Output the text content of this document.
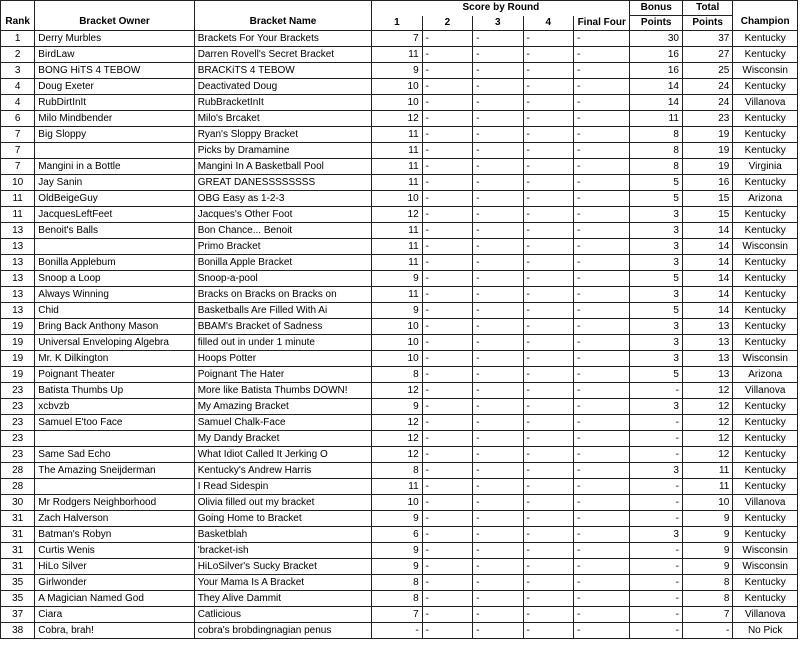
Rank	Bracket Owner	Bracket Name	Score by Round					Bonus	Total	Champion
			1	2	3	4	Final Four	Points	Points	
1	Derry Murbles	Brackets For Your Brackets	7	-	-	-	-	30	37	Kentucky
2	BirdLaw	Darren Rovell's Secret Bracket	11	-	-	-	-	16	27	Kentucky
3	BONG HiTS 4 TEBOW	BRACKiTS 4 TEBOW	9	-	-	-	-	16	25	Wisconsin
4	Doug Exeter	Deactivated Doug	10	-	-	-	-	14	24	Kentucky
4	RubDirtInIt	RubBracketInIt	10	-	-	-	-	14	24	Villanova
6	Milo Mindbender	Milo's Brcaket	12	-	-	-	-	11	23	Kentucky
7	Big Sloppy	Ryan's Sloppy Bracket	11	-	-	-	-	8	19	Kentucky
7		Picks by Dramamine	11	-	-	-	-	8	19	Kentucky
7	Mangini in a Bottle	Mangini In A Basketball Pool	11	-	-	-	-	8	19	Virginia
10	Jay Sanin	GREAT DANESSSSSSSS	11	-	-	-	-	5	16	Kentucky
11	OldBeigeGuy	OBG Easy as 1-2-3	10	-	-	-	-	5	15	Arizona
11	JacquesLeftFeet	Jacques's Other Foot	12	-	-	-	-	3	15	Kentucky
13	Benoit's Balls	Bon Chance... Benoit	11	-	-	-	-	3	14	Kentucky
13		Primo Bracket	11	-	-	-	-	3	14	Wisconsin
13	Bonilla Applebum	Bonilla Apple Bracket	11	-	-	-	-	3	14	Kentucky
13	Snoop a Loop	Snoop-a-pool	9	-	-	-	-	5	14	Kentucky
13	Always Winning	Bracks on Bracks on Bracks on	11	-	-	-	-	3	14	Kentucky
13	Chid	Basketballs Are Filled With Ai	9	-	-	-	-	5	14	Kentucky
19	Bring Back Anthony Mason	BBAM's Bracket of Sadness	10	-	-	-	-	3	13	Kentucky
19	Universal Enveloping Algebra	filled out in under 1 minute	10	-	-	-	-	3	13	Kentucky
19	Mr. K Dilkington	Hoops Potter	10	-	-	-	-	3	13	Wisconsin
19	Poignant Theater	Poignant The Hater	8	-	-	-	-	5	13	Arizona
23	Batista Thumbs Up	More like Batista Thumbs DOWN!	12	-	-	-	-	-	12	Villanova
23	xcbvzb	My Amazing Bracket	9	-	-	-	-	3	12	Kentucky
23	Samuel E'too Face	Samuel Chalk-Face	12	-	-	-	-	-	12	Kentucky
23		My Dandy Bracket	12	-	-	-	-	-	12	Kentucky
23	Same Sad Echo	What Idiot Called It Jerking O	12	-	-	-	-	-	12	Kentucky
28	The Amazing Sneijderman	Kentucky's Andrew Harris	8	-	-	-	-	3	11	Kentucky
28		I Read Sidespin	11	-	-	-	-	-	11	Kentucky
30	Mr Rodgers Neighborhood	Olivia filled out my bracket	10	-	-	-	-	-	10	Villanova
31	Zach Halverson	Going Home to Bracket	9	-	-	-	-	-	9	Kentucky
31	Batman's Robyn	Basketblah	6	-	-	-	-	3	9	Kentucky
31	Curtis Wenis	'bracket-ish	9	-	-	-	-	-	9	Wisconsin
31	HiLo Silver	HiLoSilver's Sucky Bracket	9	-	-	-	-	-	9	Wisconsin
35	Girlwonder	Your Mama Is A Bracket	8	-	-	-	-	-	8	Kentucky
35	A Magician Named God	They Alive Dammit	8	-	-	-	-	-	8	Kentucky
37	Ciara	Catlicious	7	-	-	-	-	-	7	Villanova
38	Cobra, brah!	cobra's brobdingnagian penus	-	-	-	-	-	-	-	No Pick
